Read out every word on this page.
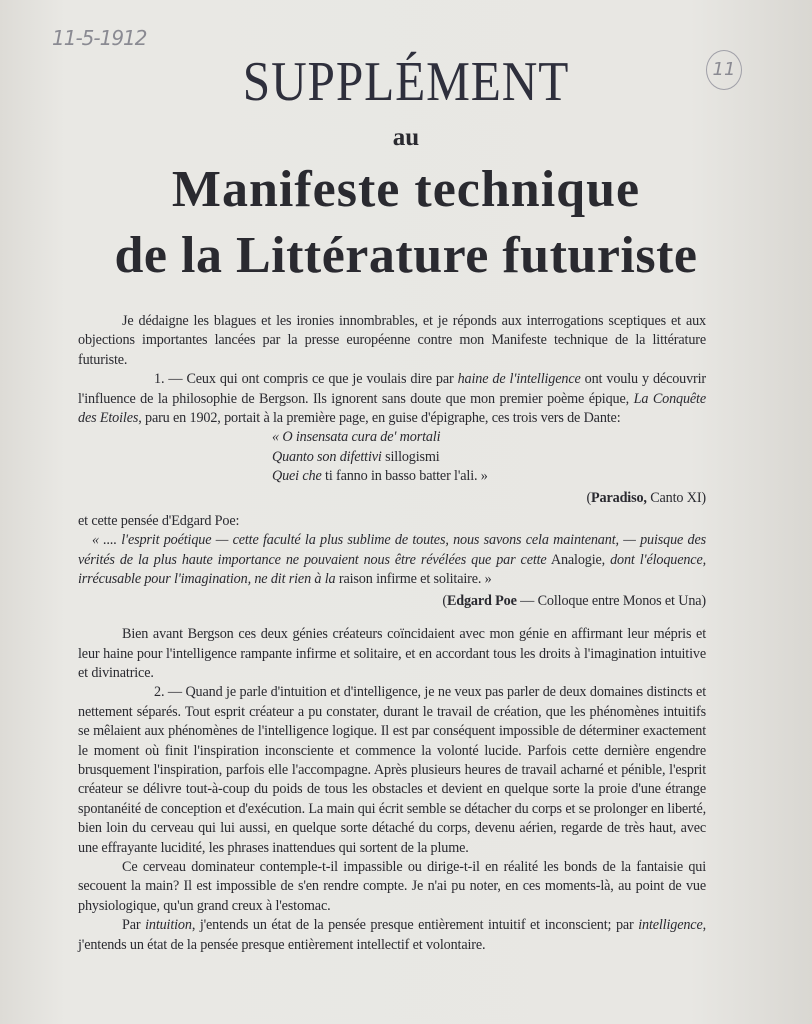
11-5-1912
11
SUPPLÉMENT
au
Manifeste technique
de la Littérature futuriste

Je dédaigne les blagues et les ironies innombrables, et je réponds aux interrogations sceptiques et aux objections importantes lancées par la presse européenne contre mon Manifeste technique de la littérature futuriste.

1. — Ceux qui ont compris ce que je voulais dire par haine de l'intelligence ont voulu y découvrir l'influence de la philosophie de Bergson. Ils ignorent sans doute que mon premier poème épique, La Conquête des Etoiles, paru en 1902, portait à la première page, en guise d'épigraphe, ces trois vers de Dante:

« O insensata cura de' mortali
Quanto son difettivi sillogismi
Quei che ti fanno in basso batter l'ali. »
(Paradiso, Canto XI)
et cette pensée d'Edgard Poe:

« .... l'esprit poétique — cette faculté la plus sublime de toutes, nous savons cela maintenant, — puisque des vérités de la plus haute importance ne pouvaient nous être révélées que par cette Analogie, dont l'éloquence, irrécusable pour l'imagination, ne dit rien à la raison infirme et solitaire. »

(Edgard Poe — Colloque entre Monos et Una)

Bien avant Bergson ces deux génies créateurs coïncidaient avec mon génie en affirmant leur mépris et leur haine pour l'intelligence rampante infirme et solitaire, et en accordant tous les droits à l'imagination intuitive et divinatrice.

2. — Quand je parle d'intuition et d'intelligence, je ne veux pas parler de deux domaines distincts et nettement séparés. Tout esprit créateur a pu constater, durant le travail de création, que les phénomènes intuitifs se mêlaient aux phénomènes de l'intelligence logique. Il est par conséquent impossible de déterminer exactement le moment où finit l'inspiration inconsciente et commence la volonté lucide. Parfois cette dernière engendre brusquement l'inspiration, parfois elle l'accompagne. Après plusieurs heures de travail acharné et pénible, l'esprit créateur se délivre tout-à-coup du poids de tous les obstacles et devient en quelque sorte la proie d'une étrange spontanéité de conception et d'exécution. La main qui écrit semble se détacher du corps et se prolonger en liberté, bien loin du cerveau qui lui aussi, en quelque sorte détaché du corps, devenu aérien, regarde de très haut, avec une effrayante lucidité, les phrases inattendues qui sortent de la plume.

Ce cerveau dominateur contemple-t-il impassible ou dirige-t-il en réalité les bonds de la fantaisie qui secouent la main? Il est impossible de s'en rendre compte. Je n'ai pu noter, en ces moments-là, au point de vue physiologique, qu'un grand creux à l'estomac.

Par intuition, j'entends un état de la pensée presque entièrement intuitif et inconscient; par intelligence, j'entends un état de la pensée presque entièrement intellectif et volontaire.
